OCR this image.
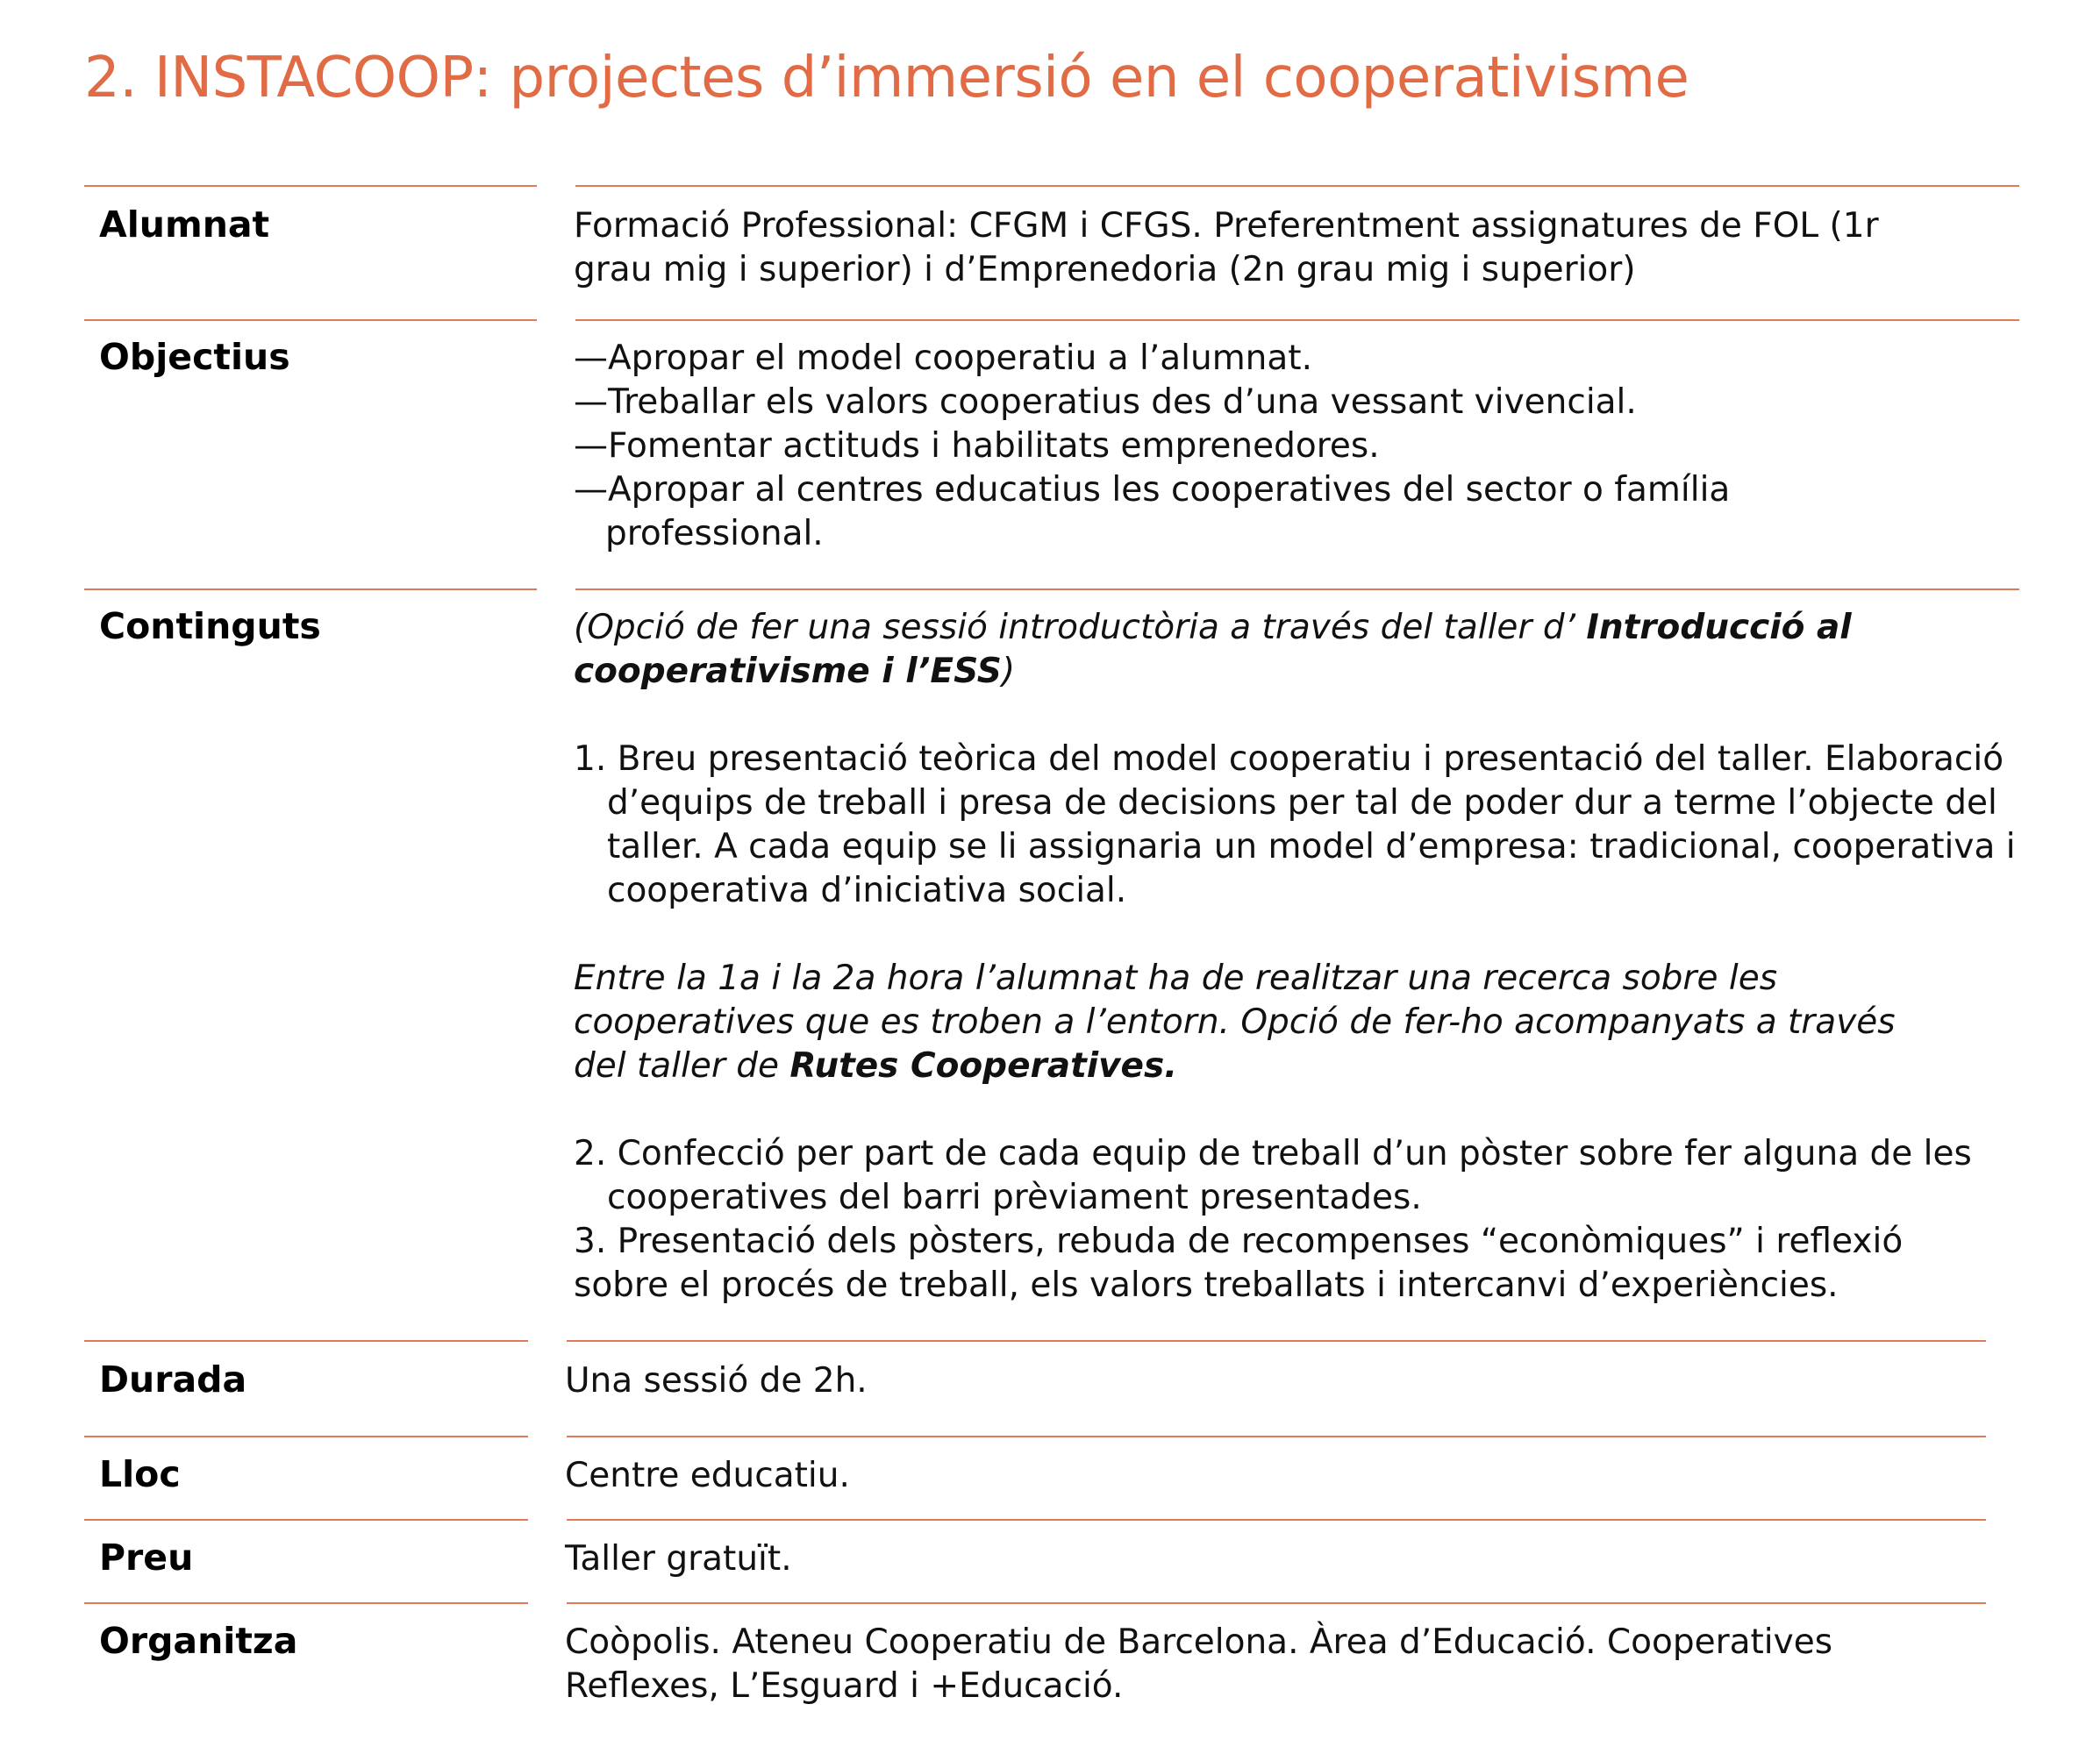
2. INSTACOOP: projectes d’immersió en el cooperativisme
Alumnat	Formació Professional: CFGM i CFGS. Preferentment assignatures de FOL (1r grau mig i superior) i d’Emprenedoria (2n grau mig i superior)

Objectius	—Apropar el model cooperatiu a l’alumnat.

—Treballar els valors cooperatius des d’una vessant vivencial.

—Fomentar actituds i habilitats emprenedores.

—Apropar al centres educatius les cooperatives del sector o família professional.

Continguts	(Opció de fer una sessió introductòria a través del taller d’ Introducció al cooperativisme i l’ESS)

1. Breu presentació teòrica del model cooperatiu i presentació del taller. Elaboració d’equips de treball i presa de decisions per tal de poder dur a terme l’objecte del taller. A cada equip se li assignaria un model d’empresa: tradicional, cooperativa i cooperativa d’iniciativa social.

Entre la 1a i la 2a hora l’alumnat ha de realitzar una recerca sobre les cooperatives que es troben a l’entorn. Opció de fer-ho acompanyats a través del taller de Rutes Cooperatives.

2. Confecció per part de cada equip de treball d’un pòster sobre fer alguna de les cooperatives del barri prèviament presentades.

3. Presentació dels pòsters, rebuda de recompenses “econòmiques” i reflexió sobre el procés de treball, els valors treballats i intercanvi d’experiències.

Durada	Una sessió de 2h.

Lloc	Centre educatiu.

Preu	Taller gratuït.

Organitza	Coòpolis. Ateneu Cooperatiu de Barcelona. Àrea d’Educació. Cooperatives Reflexes, L’Esguard i +Educació.
